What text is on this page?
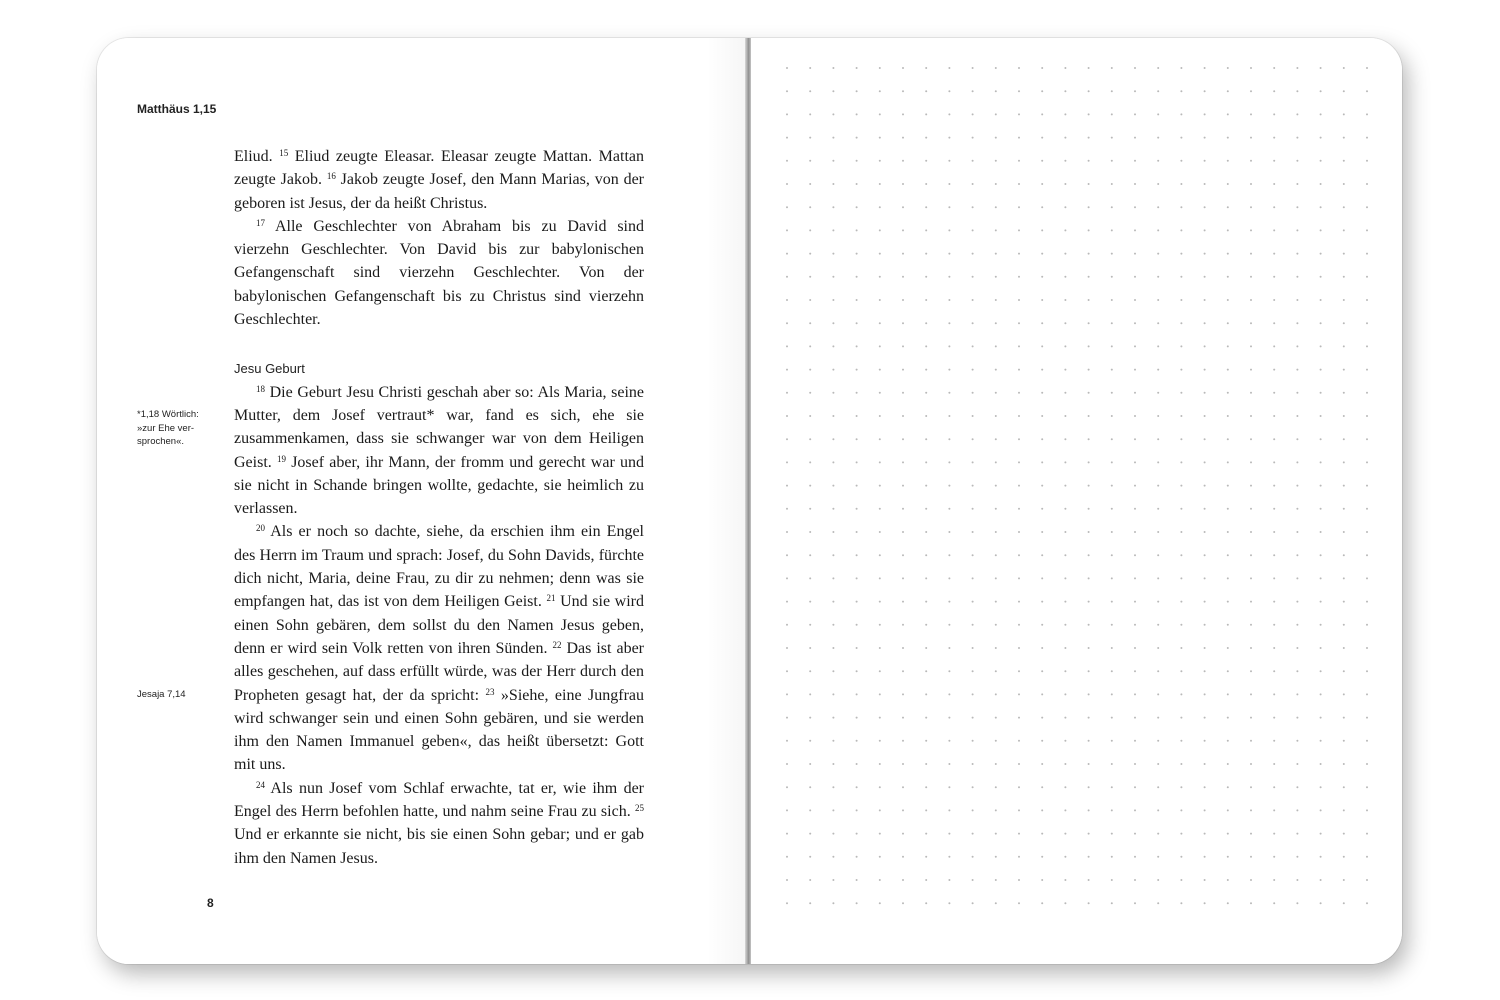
Matthäus 1,15
*1,18 Wörtlich:
»zur Ehe ver-
sprochen«.
Jesaja 7,14

Eliud. $^{15}$ Eliud zeugte Eleasar. Eleasar zeugte Mattan. Mattan zeugte Jakob. $^{16}$ Jakob zeugte Josef, den Mann Marias, von der geboren ist Jesus, der da heißt Christus.

$^{17}$ Alle Geschlechter von Abraham bis zu David sind vierzehn Geschlechter. Von David bis zur babylonischen Gefangenschaft sind vierzehn Geschlechter. Von der babylonischen Gefangenschaft bis zu Christus sind vierzehn Geschlechter.

Jesu Geburt

$^{18}$ Die Geburt Jesu Christi geschah aber so: Als Maria, seine Mutter, dem Josef vertraut* war, fand es sich, ehe sie zusammenkamen, dass sie schwanger war von dem Heiligen Geist. $^{19}$ Josef aber, ihr Mann, der fromm und gerecht war und sie nicht in Schande bringen wollte, gedachte, sie heimlich zu verlassen.

$^{20}$ Als er noch so dachte, siehe, da erschien ihm ein Engel des Herrn im Traum und sprach: Josef, du Sohn Davids, fürchte dich nicht, Maria, deine Frau, zu dir zu nehmen; denn was sie empfangen hat, das ist von dem Heiligen Geist. $^{21}$ Und sie wird einen Sohn gebären, dem sollst du den Namen Jesus geben, denn er wird sein Volk retten von ihren Sünden. $^{22}$ Das ist aber alles geschehen, auf dass erfüllt würde, was der Herr durch den Propheten gesagt hat, der da spricht: $^{23}$ »Siehe, eine Jungfrau wird schwanger sein und einen Sohn gebären, und sie werden ihm den Namen Immanuel geben«, das heißt übersetzt: Gott mit uns.

$^{24}$ Als nun Josef vom Schlaf erwachte, tat er, wie ihm der Engel des Herrn befohlen hatte, und nahm seine Frau zu sich. $^{25}$ Und er erkannte sie nicht, bis sie einen Sohn gebar; und er gab ihm den Namen Jesus.

8
